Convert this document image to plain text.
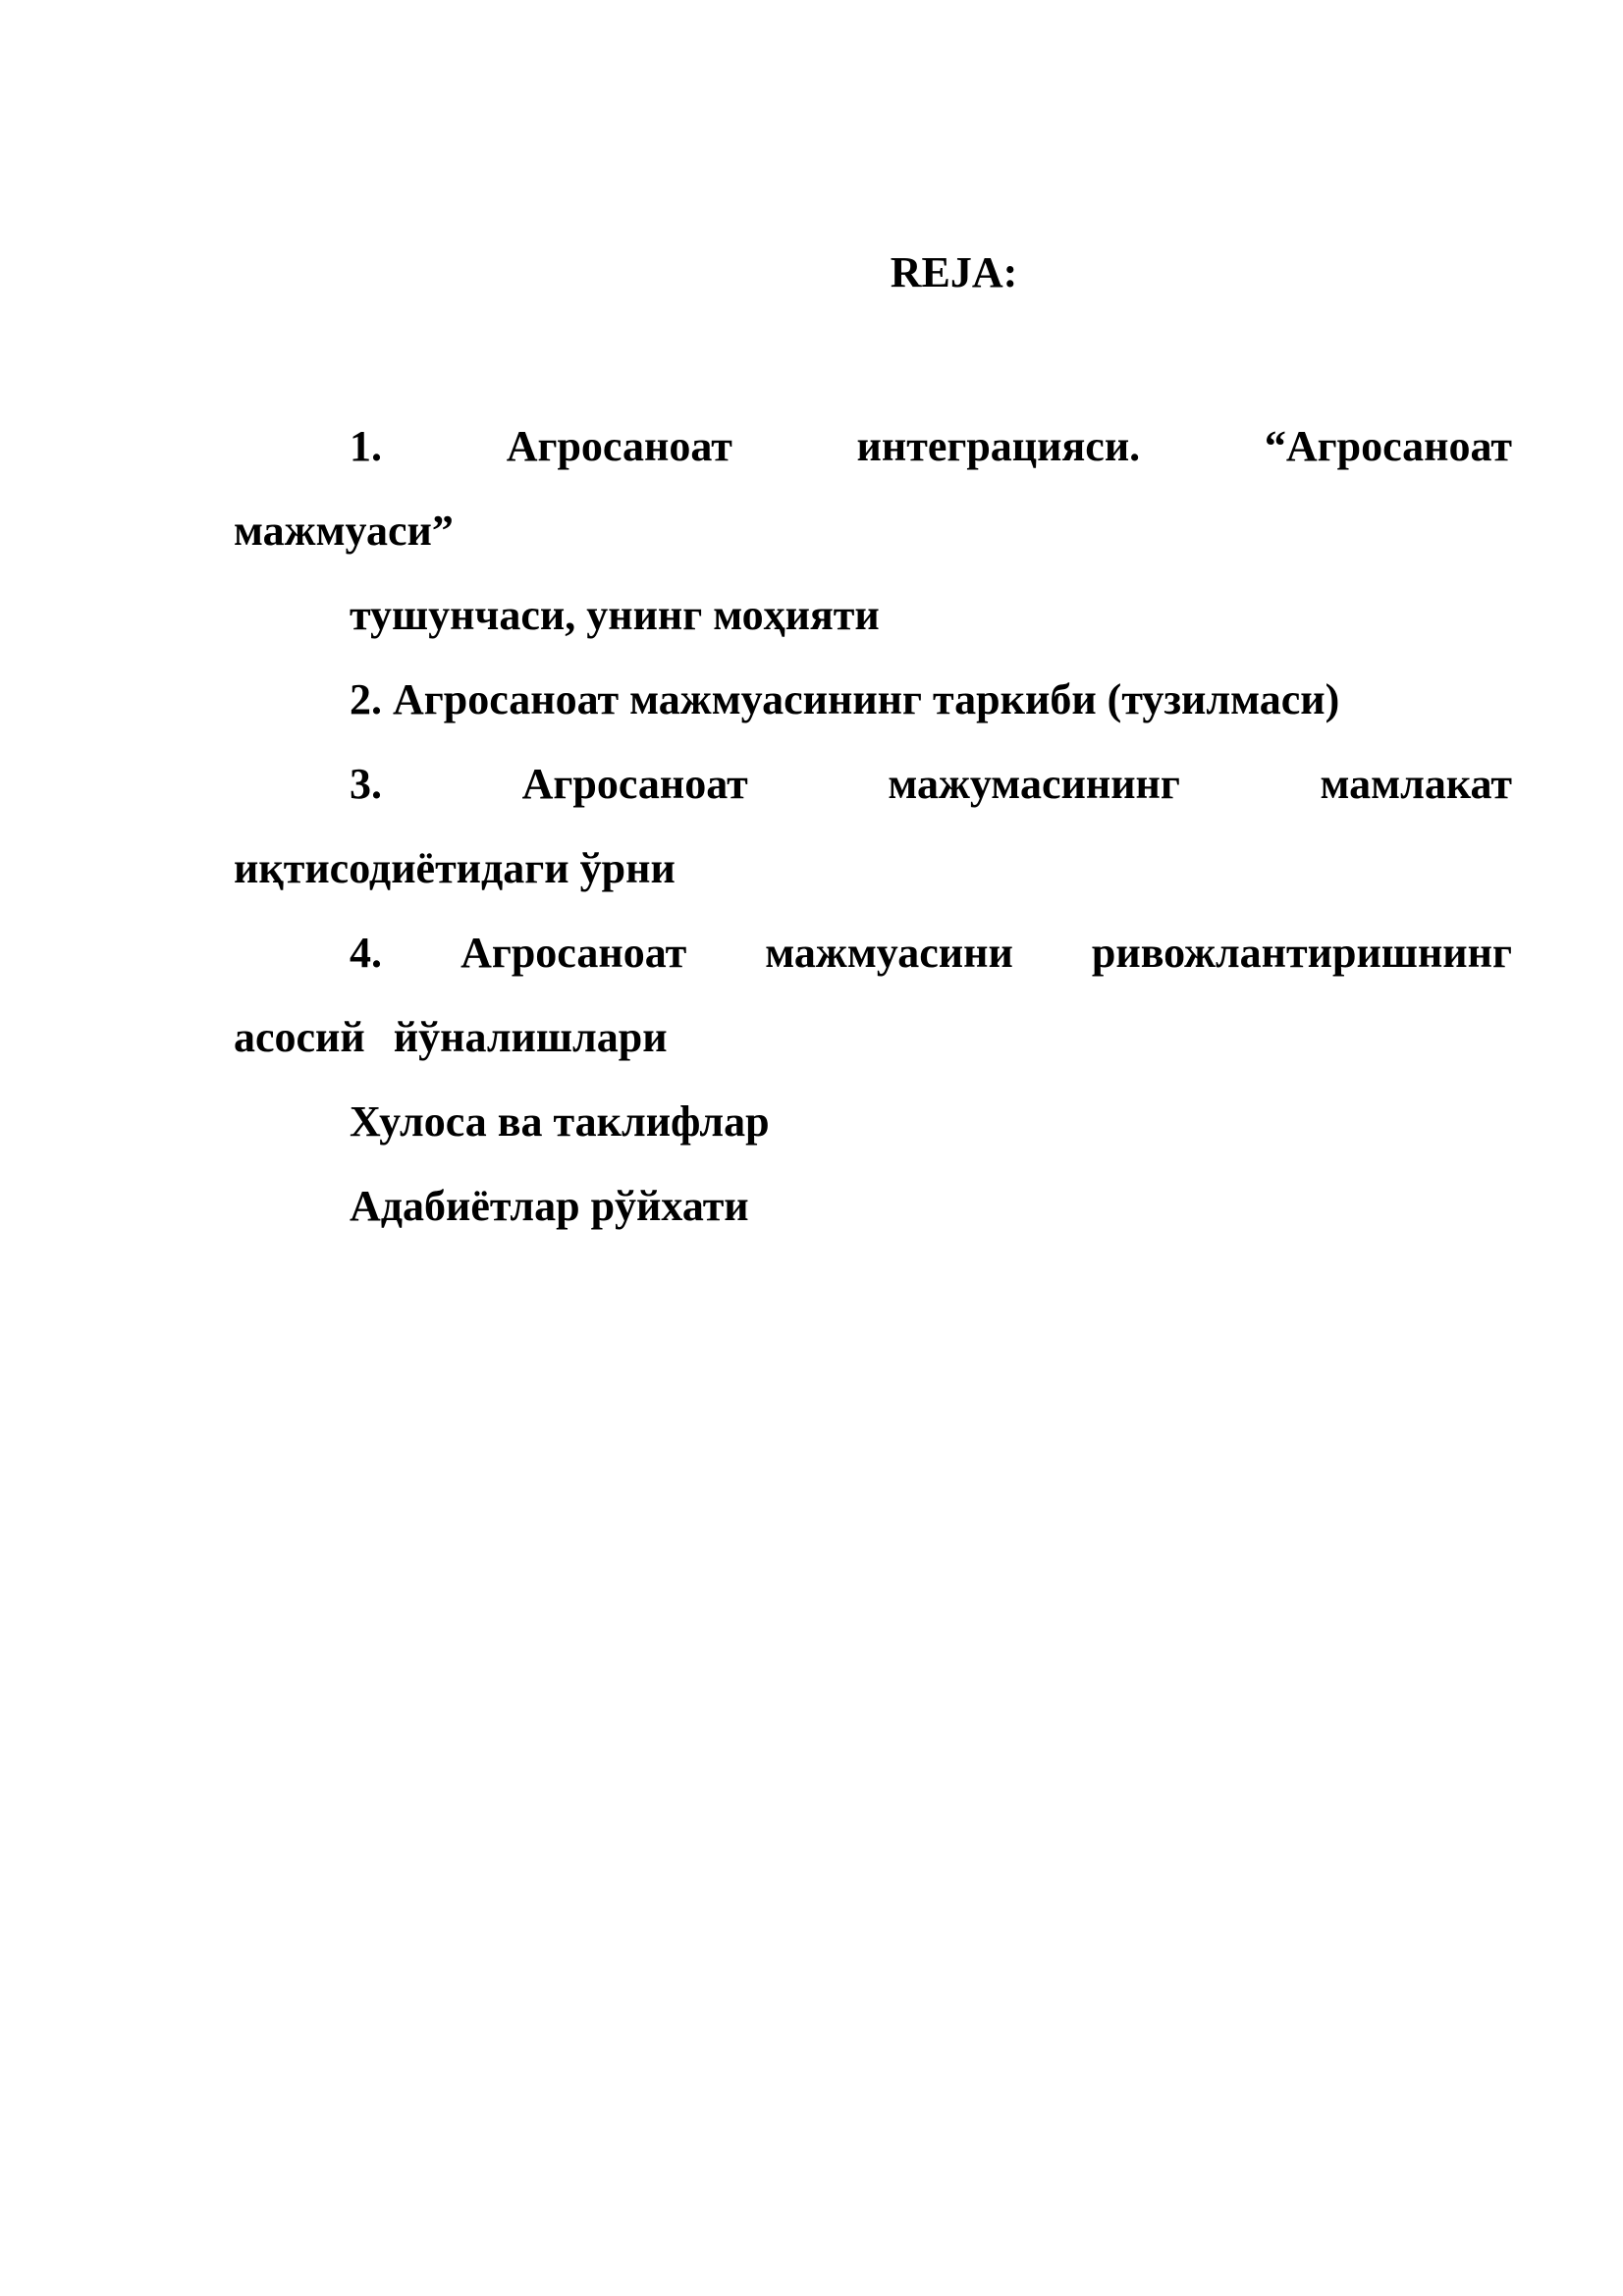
REJA:
1.	Агросаноат	интеграцияси.	“Агросаноат
мажмуаси”
тушунчаси, унинг моҳияти
2. Агросаноат мажмуасининг таркиби (тузилмаси)
3.	Агросаноат	мажумасининг	мамлакат
иқтисодиётидаги ўрни
4. Агросаноат мажмуасини ривожлантиришнинг
асосий йўналишлари
Хулоса ва таклифлар
Адабиётлар рўйхати
